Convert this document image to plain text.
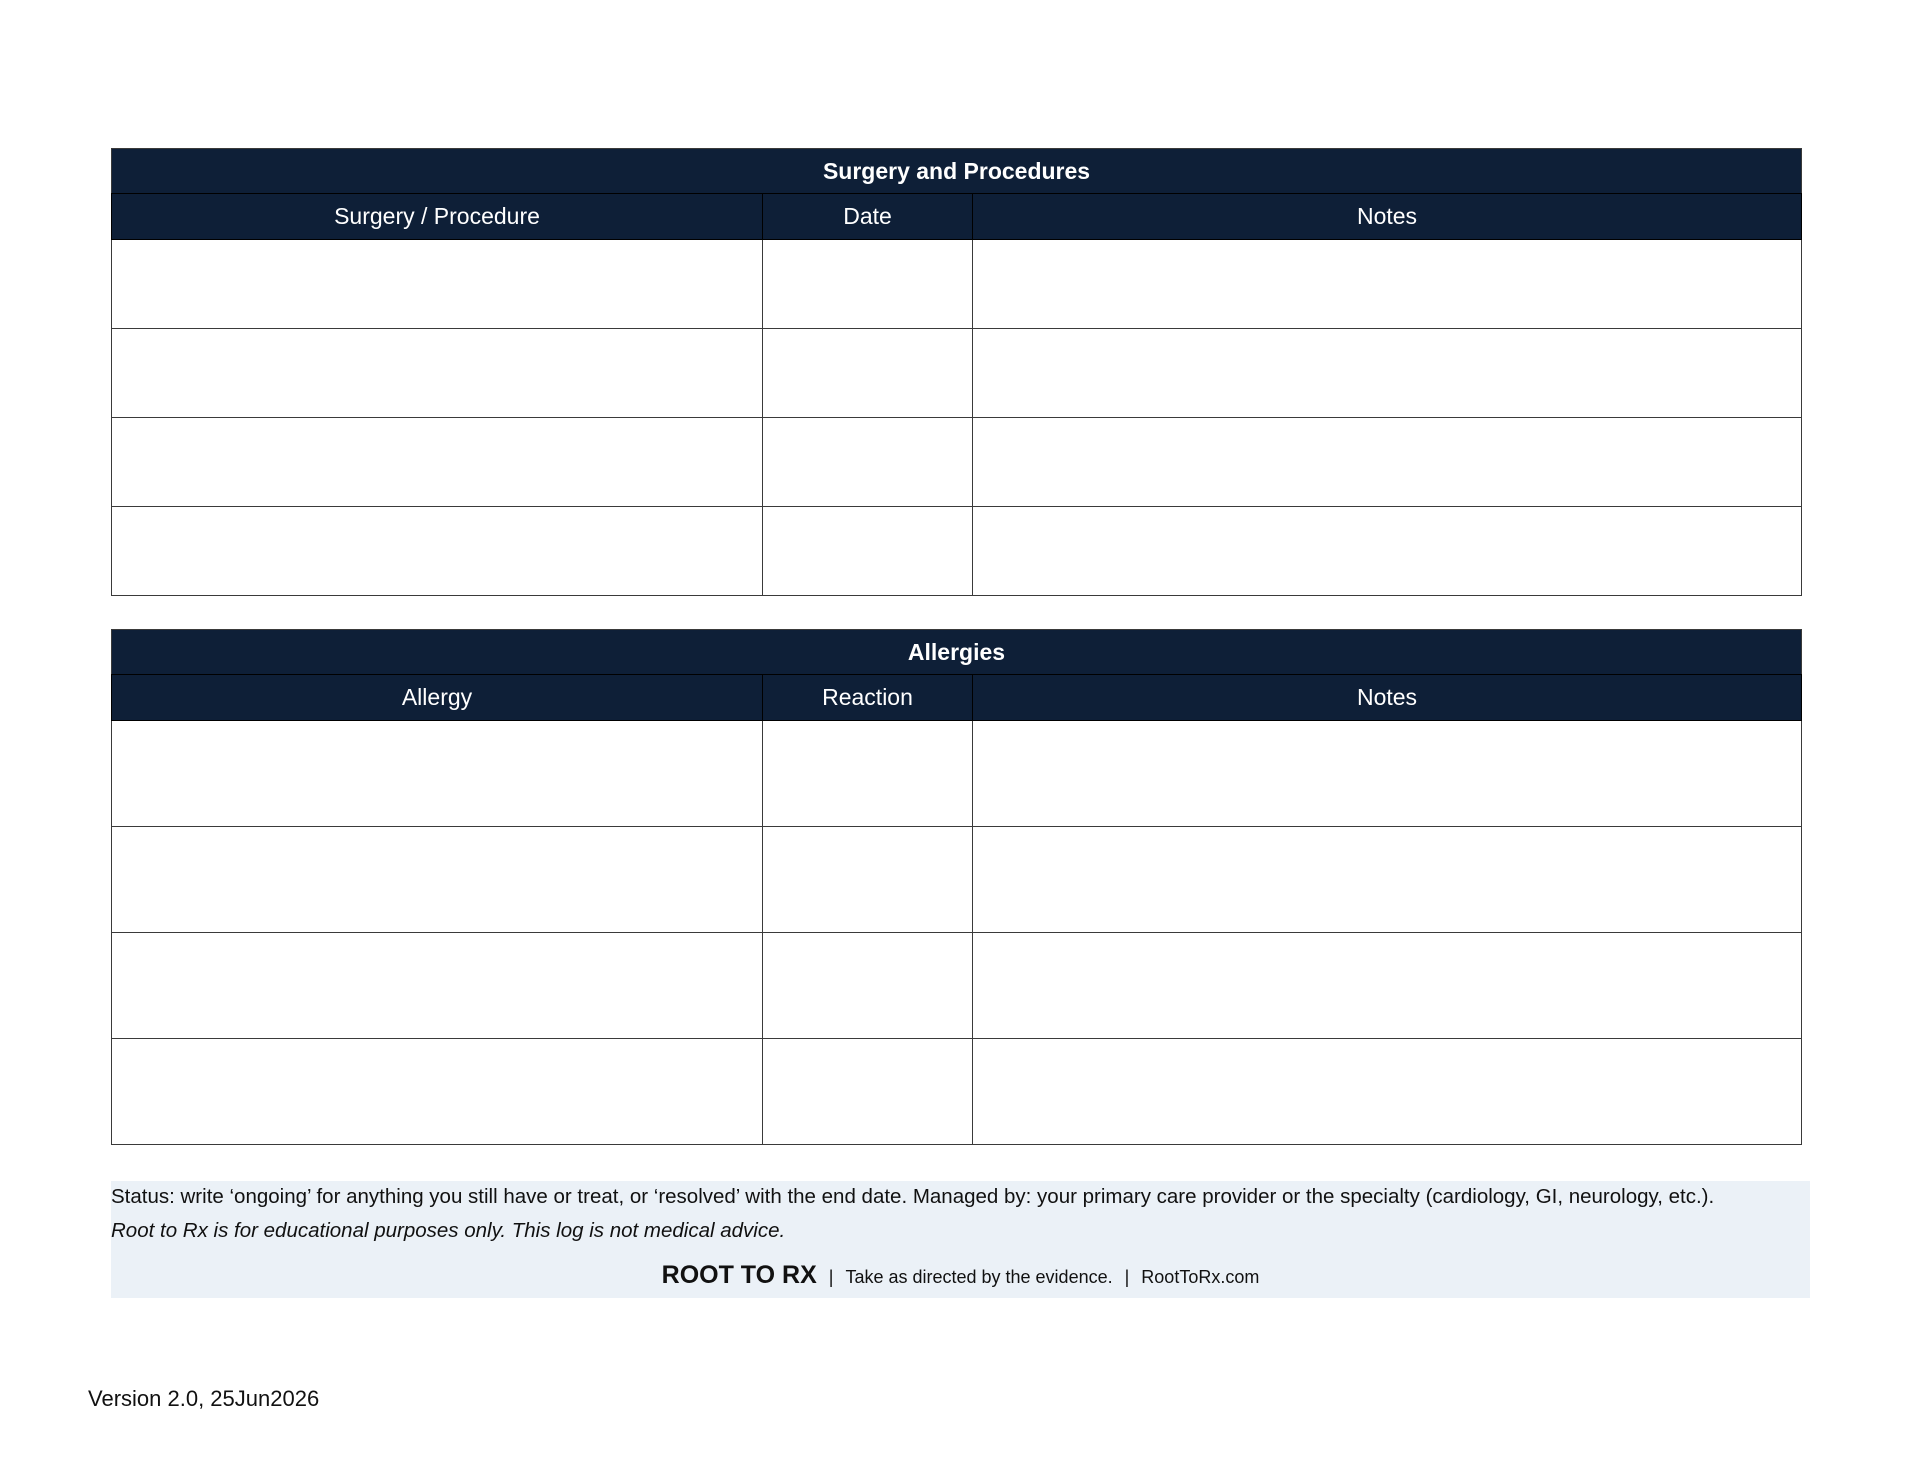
Surgery and Procedures		
Surgery / Procedure	Date	Notes

Allergies		
Allergy	Reaction	Notes

Status: write ‘ongoing’ for anything you still have or treat, or ‘resolved’ with the end date. Managed by: your primary care provider or the specialty (cardiology, GI, neurology, etc.).
Root to Rx is for educational purposes only. This log is not medical advice.
ROOT TO RX | Take as directed by the evidence. | RootToRx.com
Version 2.0, 25Jun2026
